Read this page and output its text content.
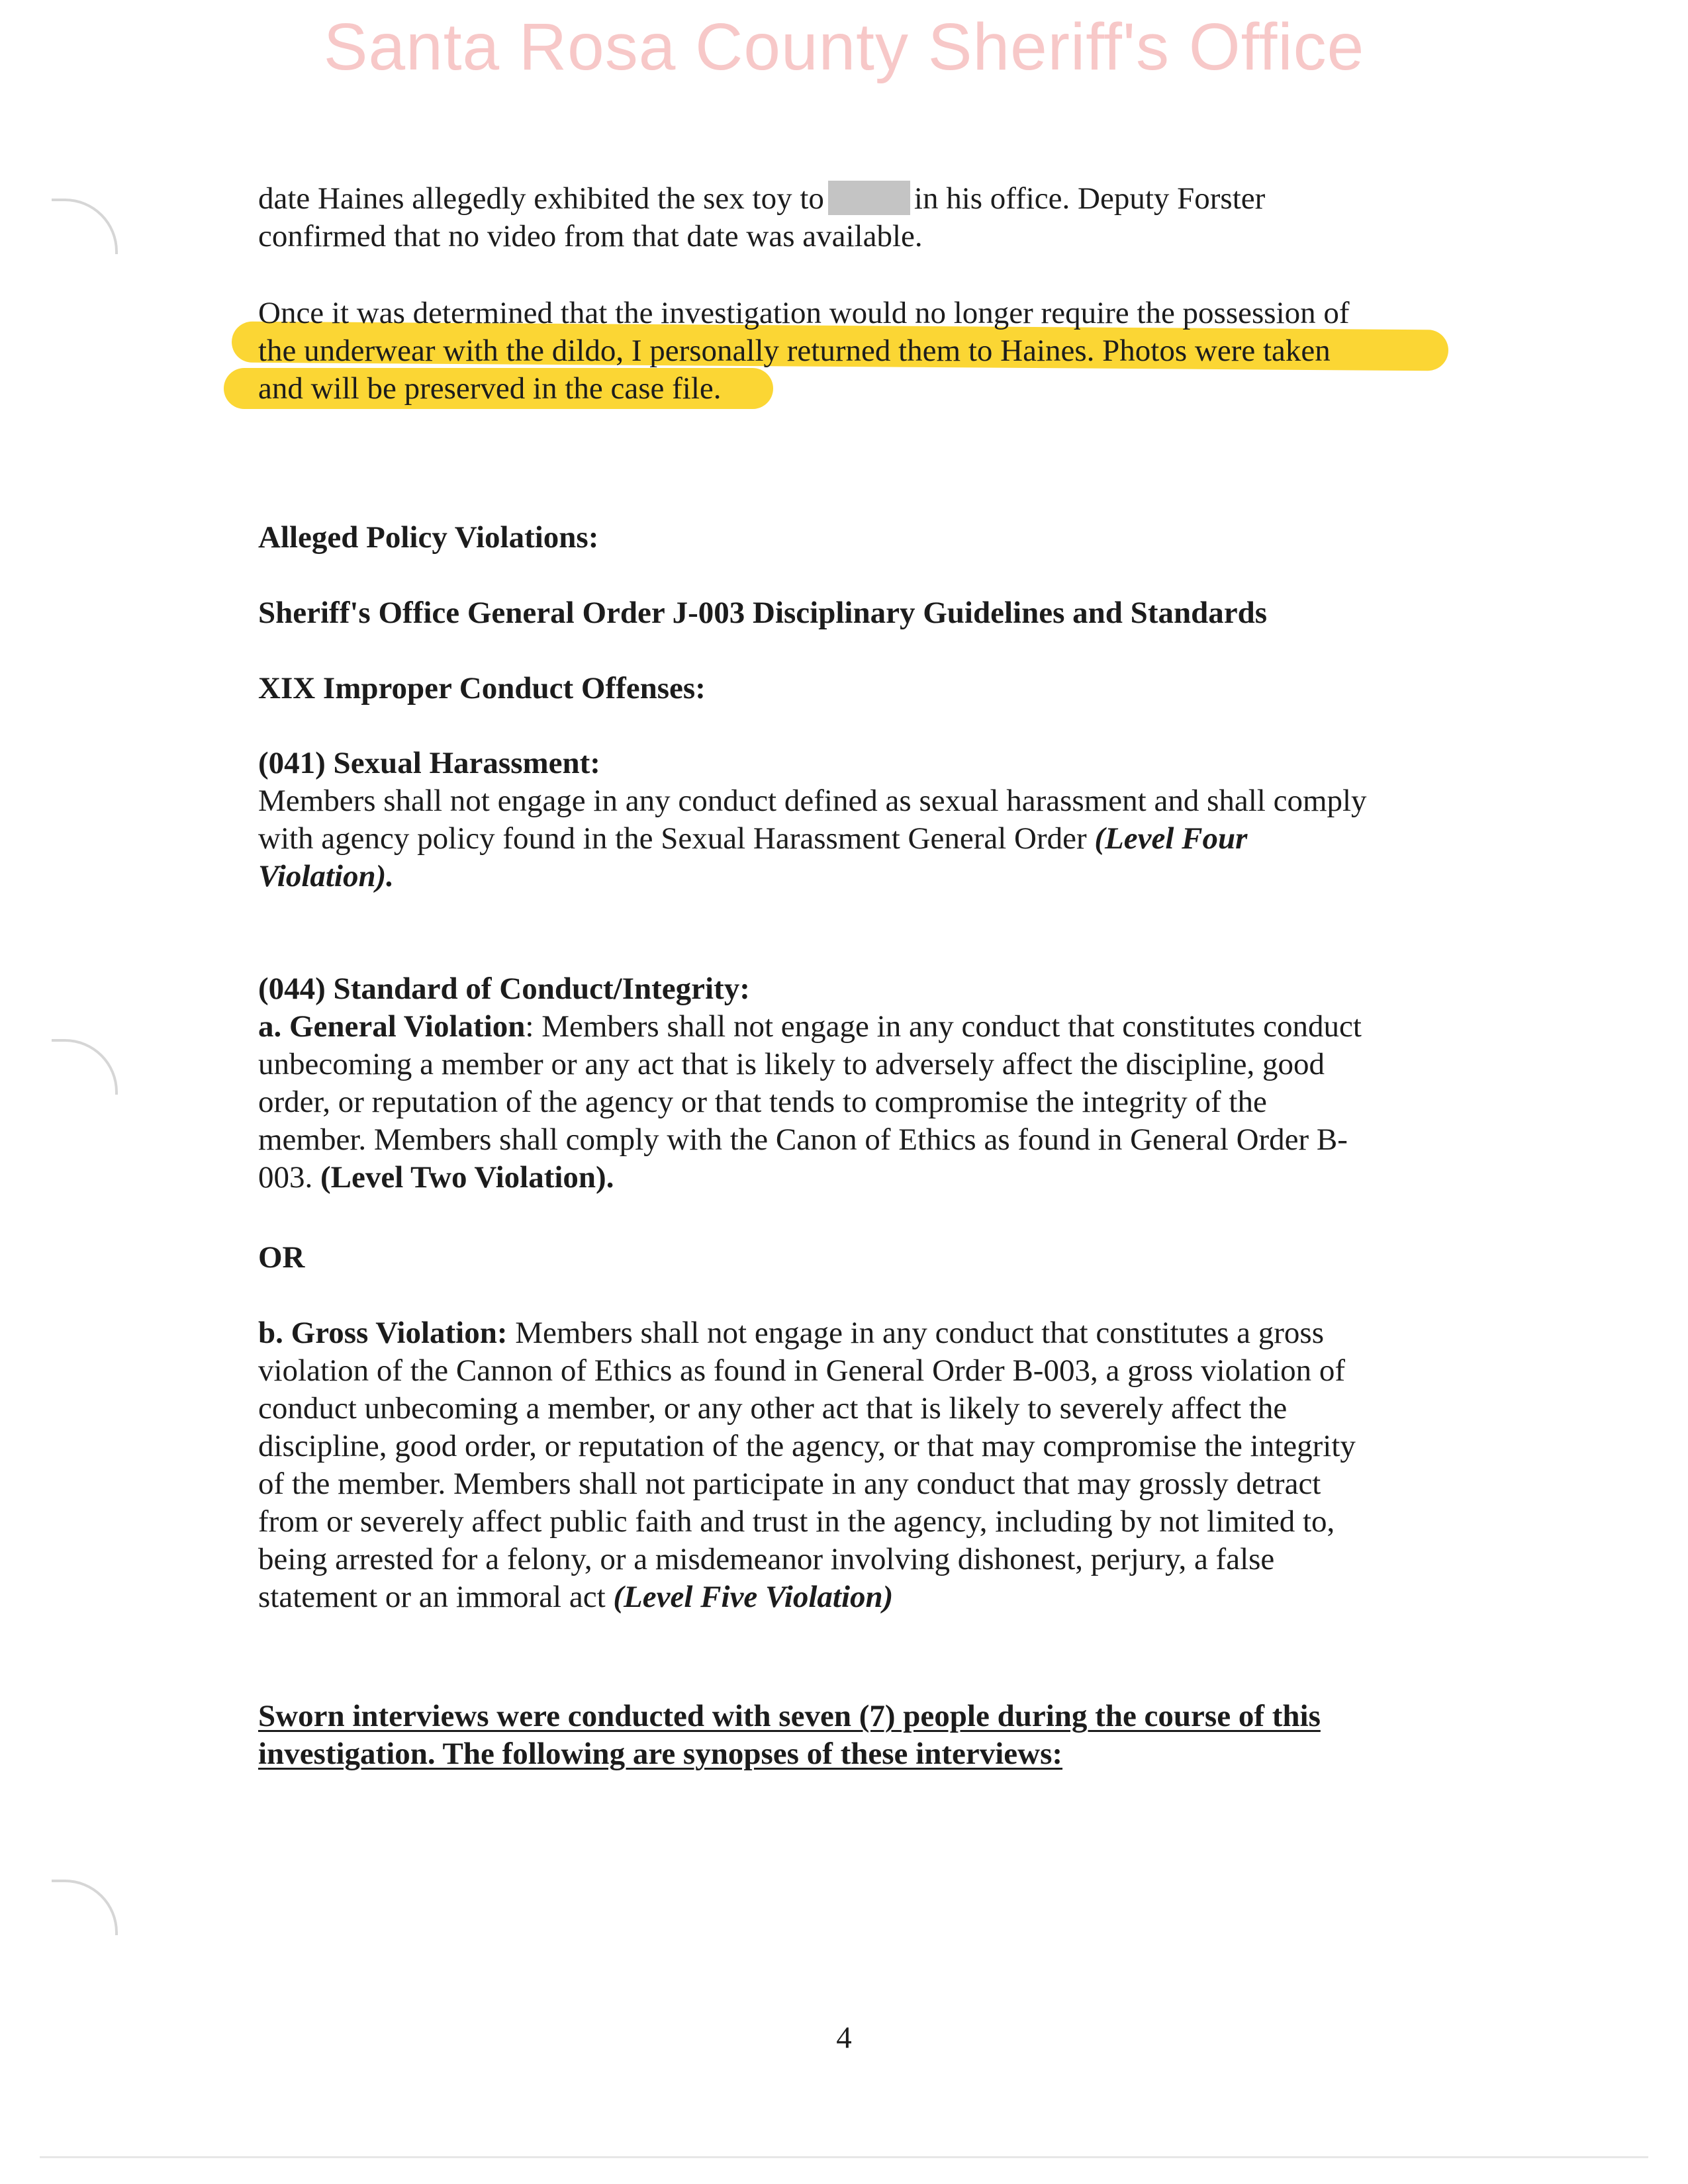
Santa Rosa County Sheriff's Office
date Haines allegedly exhibited the sex toy to	in his office. Deputy Forster
confirmed that no video from that date was available.
Once it was determined that the investigation would no longer require the possession of
the underwear with the dildo, I personally returned them to Haines. Photos were taken
and will be preserved in the case file.
Alleged Policy Violations:
Sheriff's Office General Order J-003 Disciplinary Guidelines and Standards
XIX Improper Conduct Offenses:
(041) Sexual Harassment:
Members shall not engage in any conduct defined as sexual harassment and shall comply
with agency policy found in the Sexual Harassment General Order (Level Four
Violation).
(044) Standard of Conduct/Integrity:
a. General Violation: Members shall not engage in any conduct that constitutes conduct
unbecoming a member or any act that is likely to adversely affect the discipline, good
order, or reputation of the agency or that tends to compromise the integrity of the
member. Members shall comply with the Canon of Ethics as found in General Order B-
003. (Level Two Violation).
OR
b. Gross Violation: Members shall not engage in any conduct that constitutes a gross
violation of the Cannon of Ethics as found in General Order B-003, a gross violation of
conduct unbecoming a member, or any other act that is likely to severely affect the
discipline, good order, or reputation of the agency, or that may compromise the integrity
of the member. Members shall not participate in any conduct that may grossly detract
from or severely affect public faith and trust in the agency, including by not limited to,
being arrested for a felony, or a misdemeanor involving dishonest, perjury, a false
statement or an immoral act (Level Five Violation)
Sworn interviews were conducted with seven (7) people during the course of this
investigation. The following are synopses of these interviews:
4
